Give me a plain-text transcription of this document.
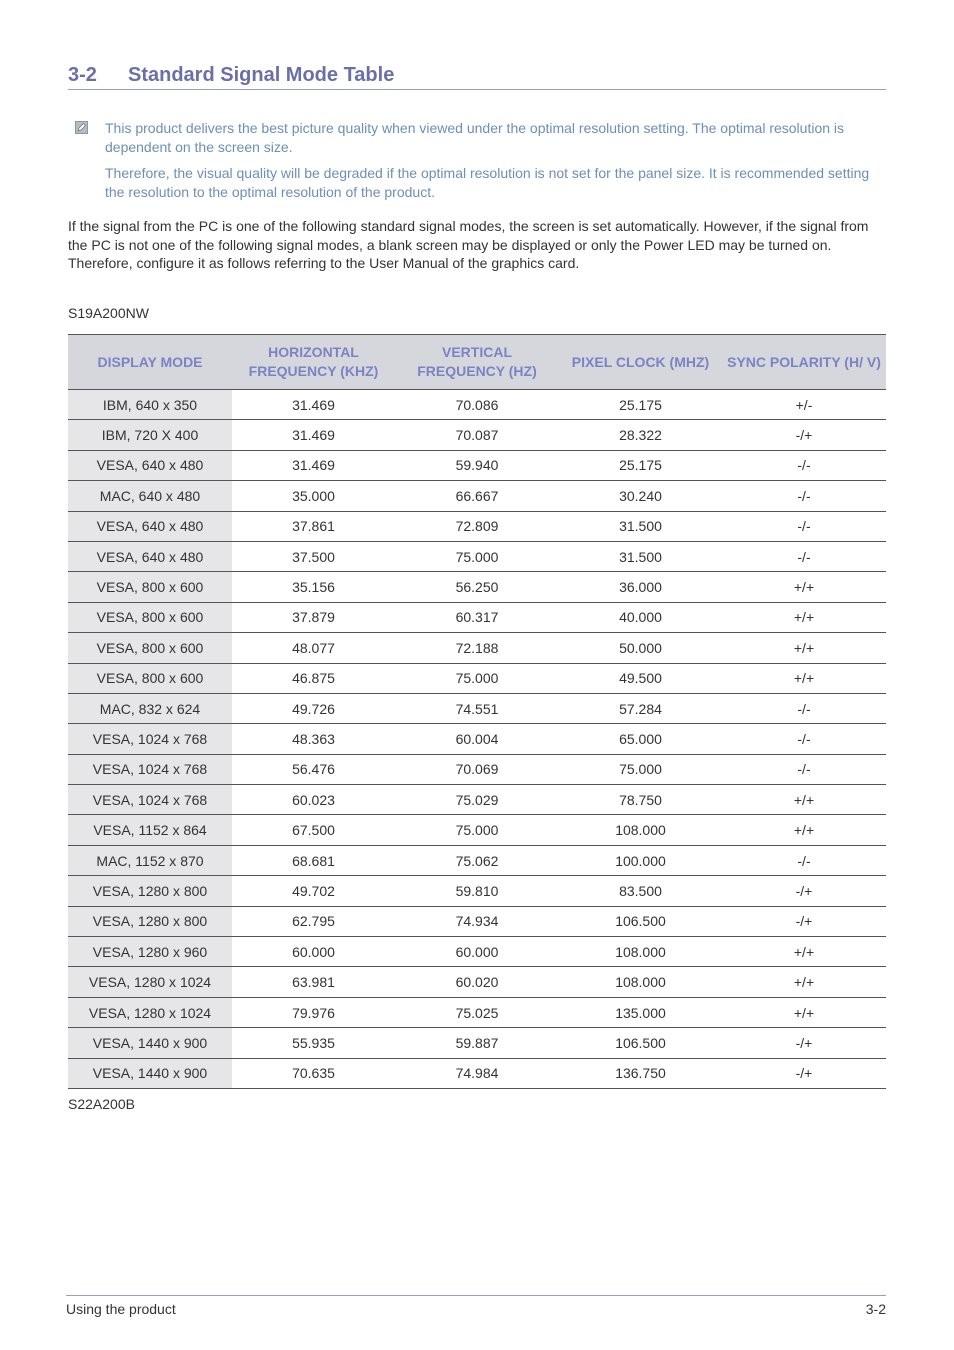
3-2 Standard Signal Mode Table
This product delivers the best picture quality when viewed under the optimal resolution setting. The optimal resolution is dependent on the screen size.
Therefore, the visual quality will be degraded if the optimal resolution is not set for the panel size. It is recommended setting the resolution to the optimal resolution of the product.
If the signal from the PC is one of the following standard signal modes, the screen is set automatically. However, if the signal from the PC is not one of the following signal modes, a blank screen may be displayed or only the Power LED may be turned on. Therefore, configure it as follows referring to the User Manual of the graphics card.
S19A200NW
DISPLAY MODE	HORIZONTAL FREQUENCY (KHZ)	VERTICAL FREQUENCY (HZ)	PIXEL CLOCK (MHZ)	SYNC POLARITY (H/ V)
IBM, 640 x 350	31.469	70.086	25.175	+/-
IBM, 720 X 400	31.469	70.087	28.322	-/+
VESA, 640 x 480	31.469	59.940	25.175	-/-
MAC, 640 x 480	35.000	66.667	30.240	-/-
VESA, 640 x 480	37.861	72.809	31.500	-/-
VESA, 640 x 480	37.500	75.000	31.500	-/-
VESA, 800 x 600	35.156	56.250	36.000	+/+
VESA, 800 x 600	37.879	60.317	40.000	+/+
VESA, 800 x 600	48.077	72.188	50.000	+/+
VESA, 800 x 600	46.875	75.000	49.500	+/+
MAC, 832 x 624	49.726	74.551	57.284	-/-
VESA, 1024 x 768	48.363	60.004	65.000	-/-
VESA, 1024 x 768	56.476	70.069	75.000	-/-
VESA, 1024 x 768	60.023	75.029	78.750	+/+
VESA, 1152 x 864	67.500	75.000	108.000	+/+
MAC, 1152 x 870	68.681	75.062	100.000	-/-
VESA, 1280 x 800	49.702	59.810	83.500	-/+
VESA, 1280 x 800	62.795	74.934	106.500	-/+
VESA, 1280 x 960	60.000	60.000	108.000	+/+
VESA, 1280 x 1024	63.981	60.020	108.000	+/+
VESA, 1280 x 1024	79.976	75.025	135.000	+/+
VESA, 1440 x 900	55.935	59.887	106.500	-/+
VESA, 1440 x 900	70.635	74.984	136.750	-/+
S22A200B
Using the product	3-2
